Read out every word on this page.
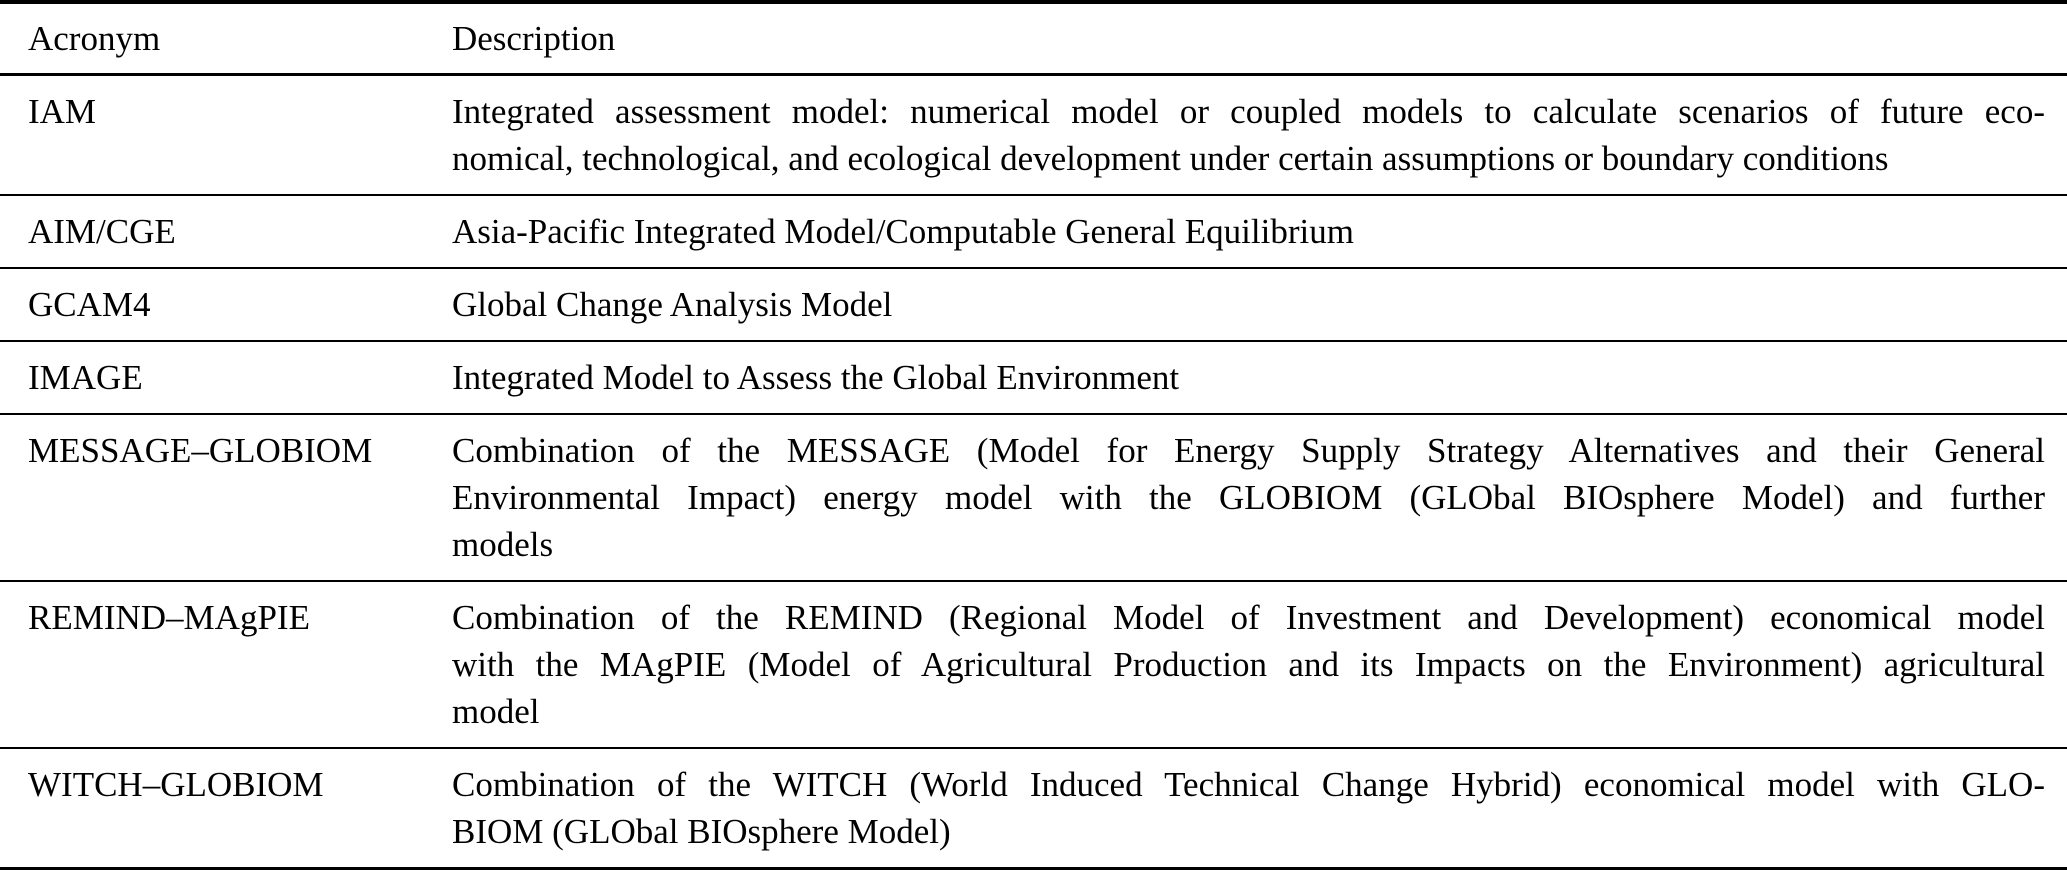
Acronym	Description
IAM	Integrated assessment model: numerical model or coupled models to calculate scenarios of future eco-
nomical, technological, and ecological development under certain assumptions or boundary conditions
AIM/CGE	Asia-Pacific Integrated Model/Computable General Equilibrium
GCAM4	Global Change Analysis Model
IMAGE	Integrated Model to Assess the Global Environment
MESSAGE–GLOBIOM	Combination of the MESSAGE (Model for Energy Supply Strategy Alternatives and their General
Environmental Impact) energy model with the GLOBIOM (GLObal BIOsphere Model) and further
models
REMIND–MAgPIE	Combination of the REMIND (Regional Model of Investment and Development) economical model
with the MAgPIE (Model of Agricultural Production and its Impacts on the Environment) agricultural
model
WITCH–GLOBIOM	Combination of the WITCH (World Induced Technical Change Hybrid) economical model with GLO-
BIOM (GLObal BIOsphere Model)
